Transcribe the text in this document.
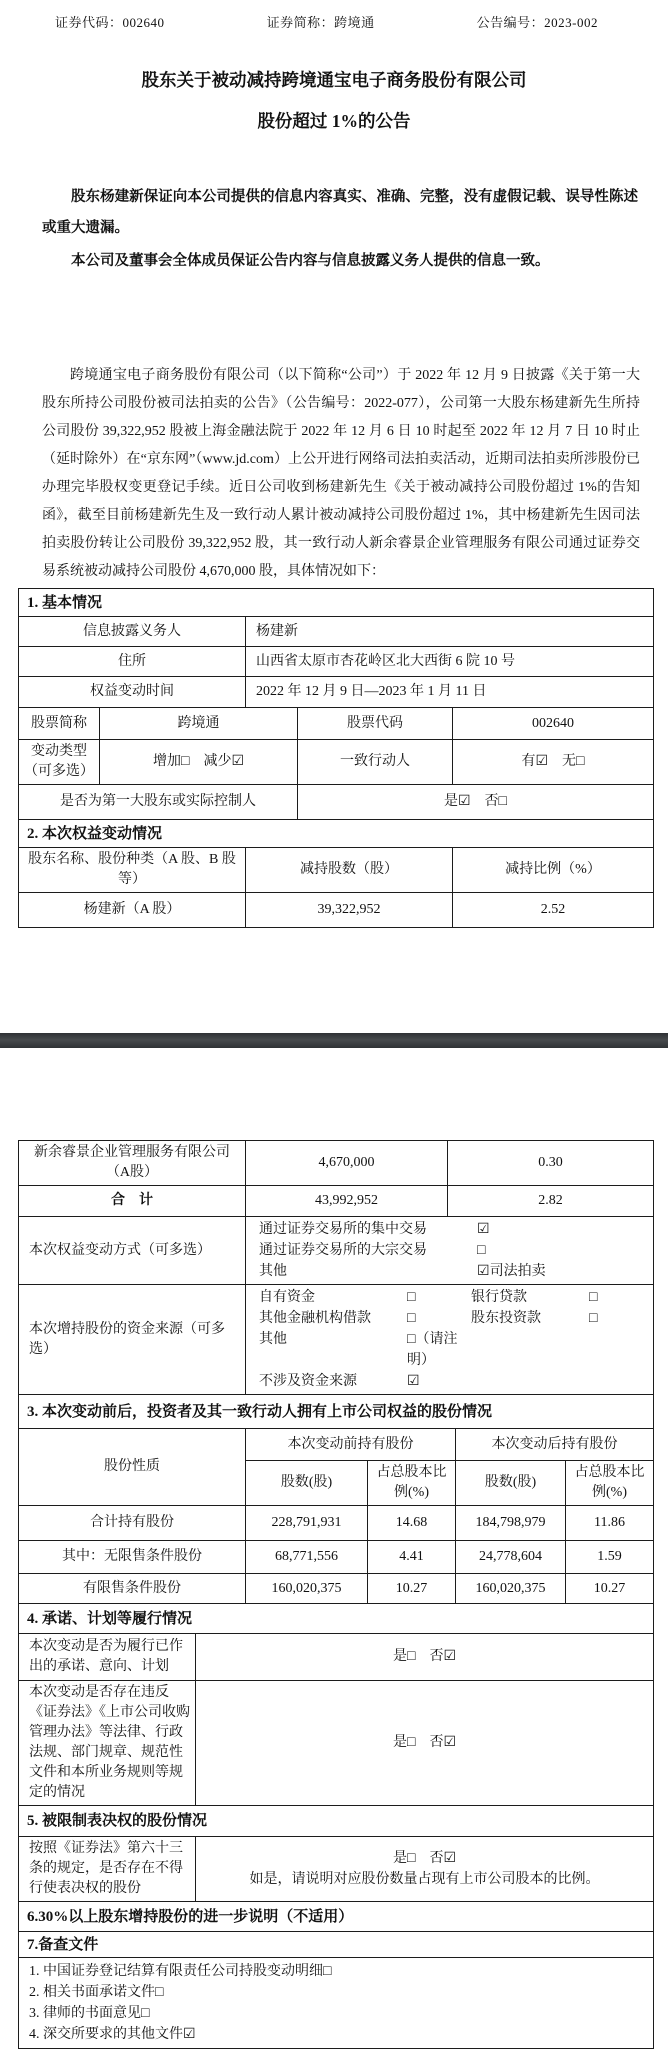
证券代码：002640	证券简称：跨境通	公告编号：2023-002
股东关于被动减持跨境通宝电子商务股份有限公司
股份超过 1%的公告

股东杨建新保证向本公司提供的信息内容真实、准确、完整，没有虚假记载、误导性陈述或重大遗漏。

本公司及董事会全体成员保证公告内容与信息披露义务人提供的信息一致。

跨境通宝电子商务股份有限公司（以下简称“公司”）于 2022 年 12 月 9 日披露《关于第一大股东所持公司股份被司法拍卖的公告》（公告编号：2022-077），公司第一大股东杨建新先生所持公司股份 39,322,952 股被上海金融法院于 2022 年 12 月 6 日 10 时起至 2022 年 12 月 7 日 10 时止（延时除外）在“京东网”（www.jd.com）上公开进行网络司法拍卖活动，近期司法拍卖所涉股份已办理完毕股权变更登记手续。近日公司收到杨建新先生《关于被动减持公司股份超过 1%的告知函》，截至目前杨建新先生及一致行动人累计被动减持公司股份超过 1%，其中杨建新先生因司法拍卖股份转让公司股份 39,322,952 股，其一致行动人新余睿景企业管理服务有限公司通过证券交易系统被动减持公司股份 4,670,000 股，具体情况如下：

1. 基本情况				
信息披露义务人		杨建新		
住所		山西省太原市杏花岭区北大西街 6 院 10 号		
权益变动时间		2022 年 12 月 9 日—2023 年 1 月 11 日		
股票简称	跨境通		股票代码	002640
变动类型（可多选）	增加□　减少☑		一致行动人	有☑　无□
是否为第一大股东或实际控制人			是☑　否□	
2. 本次权益变动情况				
股东名称、股份种类（A 股、B 股等）		减持股数（股）		减持比例（%）
杨建新（A 股）		39,322,952		2.52
新余睿景企业管理服务有限公司（A股）		4,670,000		0.30		
合　计		43,992,952		2.82		
本次权益变动方式（可多选）	
通过证券交易所的集中交易	☑
通过证券交易所的大宗交易	□
其他	☑司法拍卖

本次增持股份的资金来源（可多选）	
自有资金	□	银行贷款	□
其他金融机构借款	□	股东投资款	□
其他	□（请注明）
不涉及资金来源	☑

3. 本次变动前后，投资者及其一致行动人拥有上市公司权益的股份情况						
股份性质		本次变动前持有股份			本次变动后持有股份	
		股数(股)	占总股本比例(%)		股数(股)	占总股本比例(%)
合计持有股份		228,791,931	14.68		184,798,979	11.86
其中：无限售条件股份		68,771,556	4.41		24,778,604	1.59
有限售条件股份		160,020,375	10.27		160,020,375	10.27
4. 承诺、计划等履行情况						
本次变动是否为履行已作出的承诺、意向、计划	是□　否☑					
本次变动是否存在违反《证券法》《上市公司收购管理办法》等法律、行政法规、部门规章、规范性文件和本所业务规则等规定的情况	是□　否☑					
5. 被限制表决权的股份情况						
按照《证券法》第六十三条的规定，是否存在不得行使表决权的股份	是□　否☑
如是，请说明对应股份数量占现有上市公司股本的比例。					

6.30%以上股东增持股份的进一步说明（不适用）						
7.备查文件						

1. 中国证券登记结算有限责任公司持股变动明细□
2. 相关书面承诺文件□
3. 律师的书面意见□
4. 深交所要求的其他文件☑						
